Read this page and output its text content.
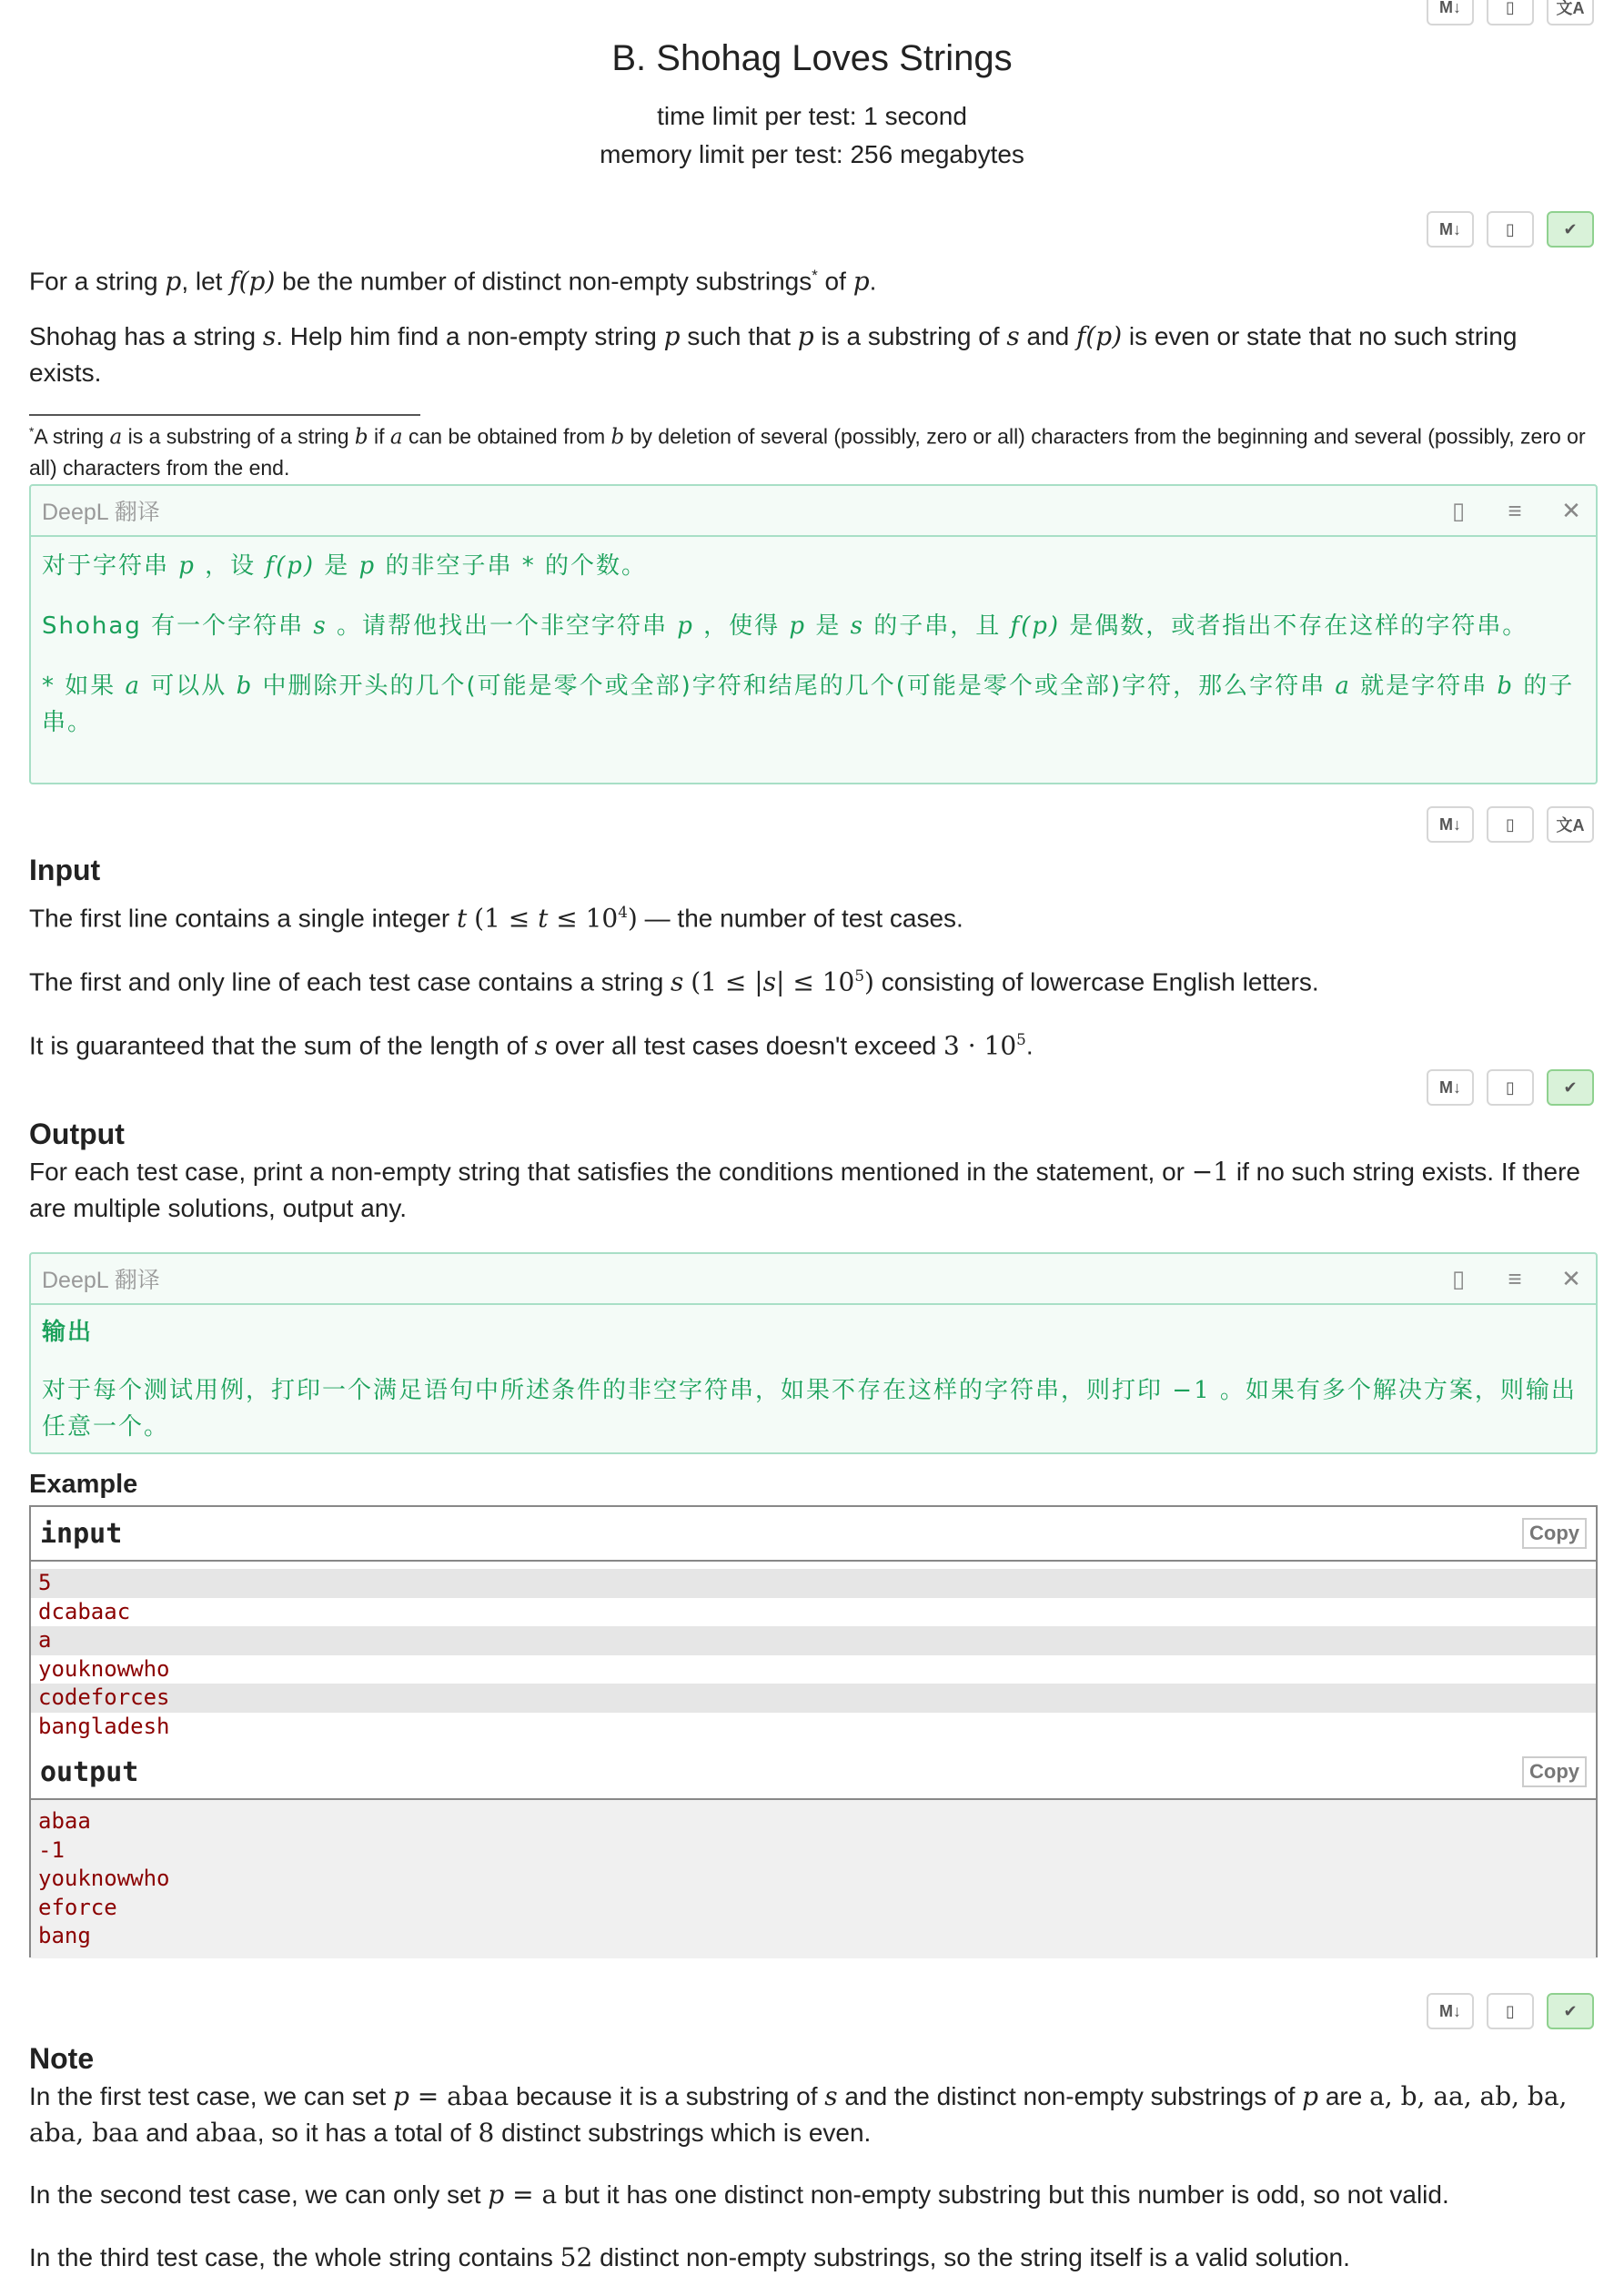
M↓	▯	文A
B. Shohag Loves Strings
time limit per test: 1 second
memory limit per test: 256 megabytes
M↓	▯	✔
For a string p, let f(p) be the number of distinct non-empty substrings* of p.
Shohag has a string s. Help him find a non-empty string p such that p is a substring of s and f(p) is even or state that no such string exists.
*A string a is a substring of a string b if a can be obtained from b by deletion of several (possibly, zero or all) characters from the beginning and several (possibly, zero or all) characters from the end.
DeepL 翻译	▯	≡ ✕
对于字符串 p ，设 f(p) 是 p 的非空子串 * 的个数。
Shohag 有一个字符串 s 。请帮他找出一个非空字符串 p ，使得 p 是 s 的子串，且 f(p) 是偶数，或者指出不存在这样的字符串。
* 如果 a 可以从 b 中删除开头的几个(可能是零个或全部)字符和结尾的几个(可能是零个或全部)字符，那么字符串 a 就是字符串 b 的子串。
M↓	▯	文A
Input
The first line contains a single integer t $(1 \le t \le 10^4)$ — the number of test cases.
The first and only line of each test case contains a string s $(1 \le |s| \le 10^5)$ consisting of lowercase English letters.
It is guaranteed that the sum of the length of s over all test cases doesn't exceed $3 \cdot 10^5$.
M↓	▯	✔
Output
For each test case, print a non-empty string that satisfies the conditions mentioned in the statement, or −1 if no such string exists. If there are multiple solutions, output any.
DeepL 翻译	▯	≡ ✕
输出
对于每个测试用例，打印一个满足语句中所述条件的非空字符串，如果不存在这样的字符串，则打印 −1 。如果有多个解决方案，则输出任意一个。
Example
input	Copy
5
dcabaac
a
youknowwho
codeforces
bangladesh
output	Copy
abaa
-1
youknowwho
eforce
bang
M↓	▯	✔
Note
In the first test case, we can set p = abaa because it is a substring of s and the distinct non-empty substrings of p are a, b, aa, ab, ba, aba, baa and abaa, so it has a total of 8 distinct substrings which is even.
In the second test case, we can only set p = a but it has one distinct non-empty substring but this number is odd, so not valid.
In the third test case, the whole string contains 52 distinct non-empty substrings, so the string itself is a valid solution.
